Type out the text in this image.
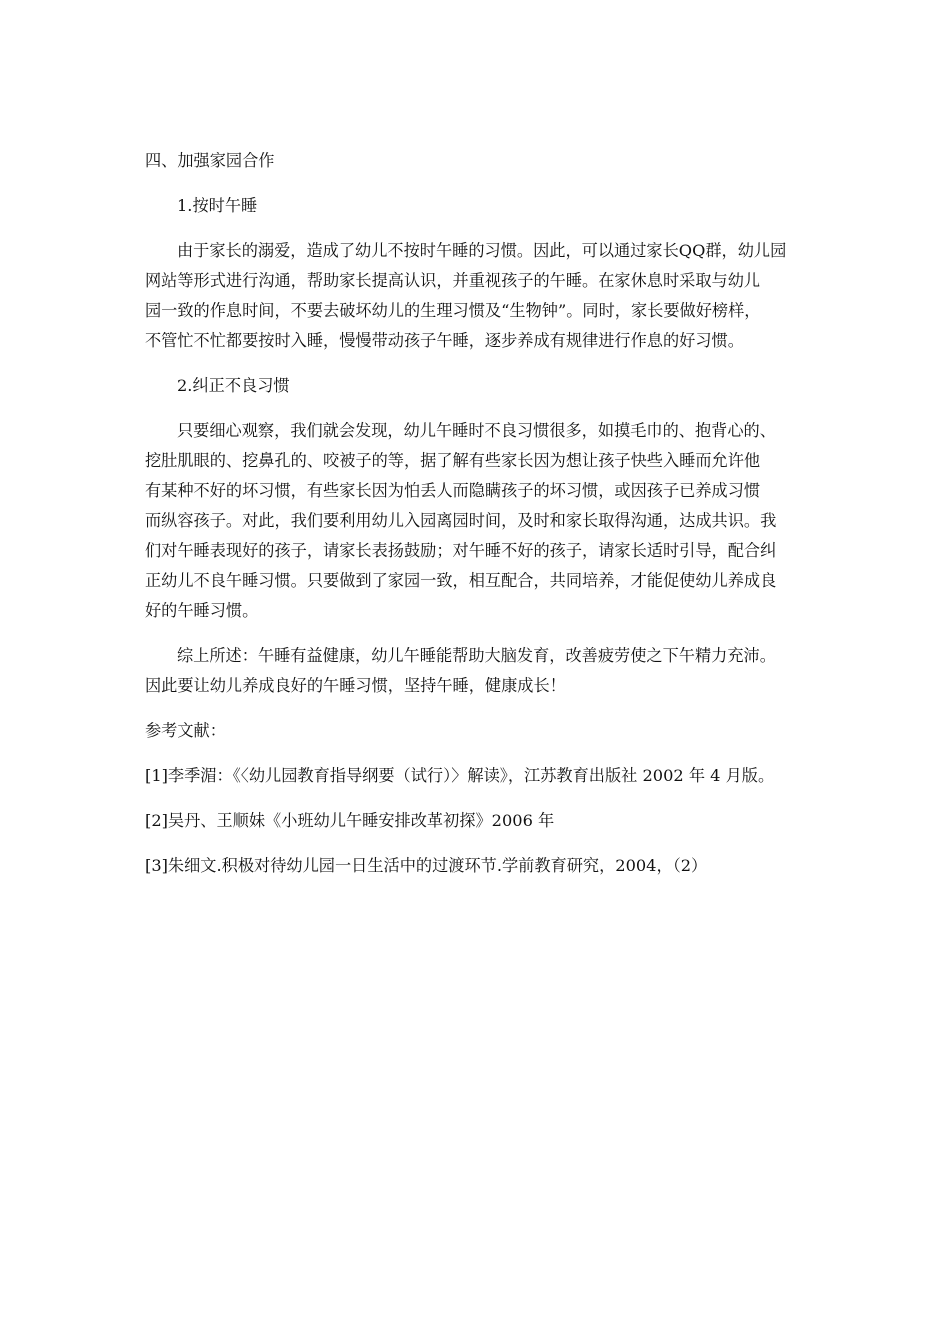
四、加强家园合作

1.按时午睡

由于家长的溺爱，造成了幼儿不按时午睡的习惯。因此，可以通过家长QQ群，幼儿园

网站等形式进行沟通，帮助家长提高认识，并重视孩子的午睡。在家休息时采取与幼儿

园一致的作息时间，不要去破坏幼儿的生理习惯及“生物钟”。同时，家长要做好榜样，

不管忙不忙都要按时入睡，慢慢带动孩子午睡，逐步养成有规律进行作息的好习惯。

2.纠正不良习惯

只要细心观察，我们就会发现，幼儿午睡时不良习惯很多，如摸毛巾的、抱背心的、

挖肚肌眼的、挖鼻孔的、咬被子的等，据了解有些家长因为想让孩子快些入睡而允许他

有某种不好的坏习惯，有些家长因为怕丢人而隐瞒孩子的坏习惯，或因孩子已养成习惯

而纵容孩子。对此，我们要利用幼儿入园离园时间，及时和家长取得沟通，达成共识。我

们对午睡表现好的孩子，请家长表扬鼓励；对午睡不好的孩子，请家长适时引导，配合纠

正幼儿不良午睡习惯。只要做到了家园一致，相互配合，共同培养，才能促使幼儿养成良

好的午睡习惯。

综上所述：午睡有益健康，幼儿午睡能帮助大脑发育，改善疲劳使之下午精力充沛。

因此要让幼儿养成良好的午睡习惯，坚持午睡，健康成长！

参考文献：

[1]李季湄：《〈幼儿园教育指导纲要（试行）〉解读》，江苏教育出版社 2002 年 4 月版。

[2]吴丹、王顺妹《小班幼儿午睡安排改革初探》2006 年

[3]朱细文.积极对待幼儿园一日生活中的过渡环节.学前教育研究，2004，（2）
